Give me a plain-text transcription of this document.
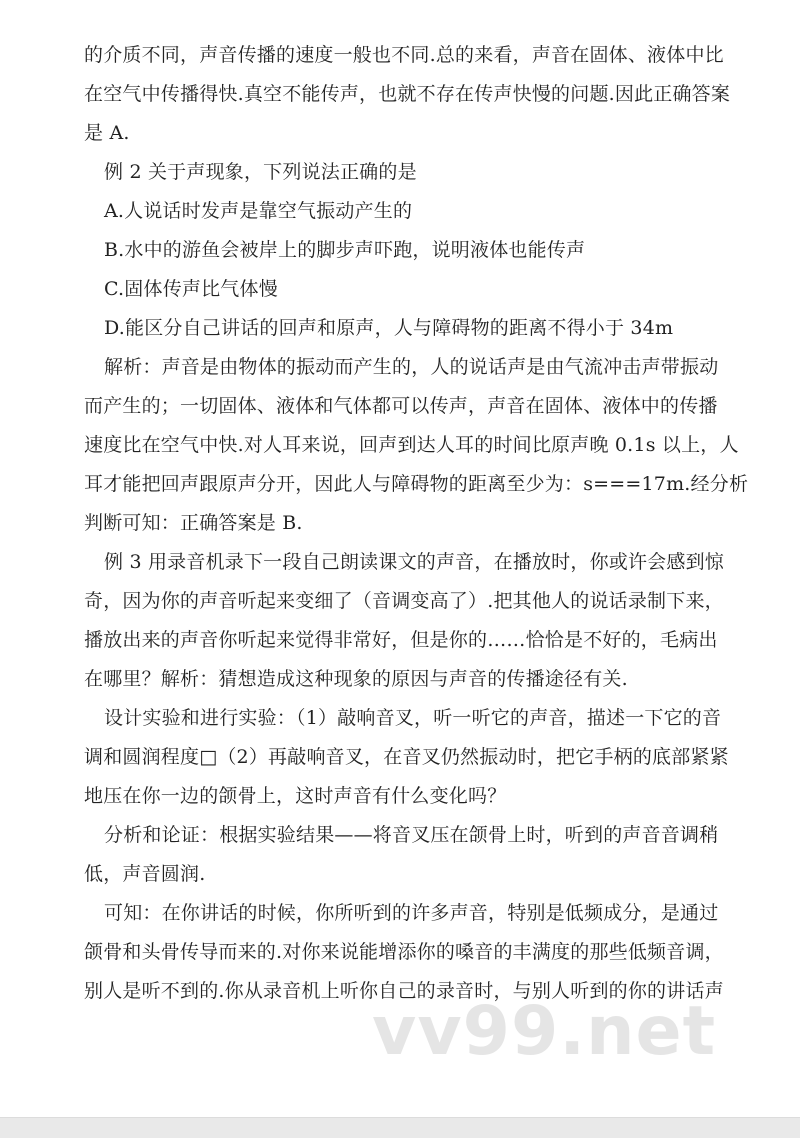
的介质不同，声音传播的速度一般也不同.总的来看，声音在固体、液体中比
在空气中传播得快.真空不能传声，也就不存在传声快慢的问题.因此正确答案
是 A.
例 2 关于声现象，下列说法正确的是
A.人说话时发声是靠空气振动产生的
B.水中的游鱼会被岸上的脚步声吓跑，说明液体也能传声
C.固体传声比气体慢
D.能区分自己讲话的回声和原声，人与障碍物的距离不得小于 34m
解析：声音是由物体的振动而产生的，人的说话声是由气流冲击声带振动
而产生的；一切固体、液体和气体都可以传声，声音在固体、液体中的传播
速度比在空气中快.对人耳来说，回声到达人耳的时间比原声晚 0.1s 以上，人
耳才能把回声跟原声分开，因此人与障碍物的距离至少为：s===17m.经分析
判断可知：正确答案是 B.
例 3 用录音机录下一段自己朗读课文的声音，在播放时，你或许会感到惊
奇，因为你的声音听起来变细了（音调变高了）.把其他人的说话录制下来，
播放出来的声音你听起来觉得非常好，但是你的……恰恰是不好的，毛病出
在哪里？解析：猜想造成这种现象的原因与声音的传播途径有关.
设计实验和进行实验：（1）敲响音叉，听一听它的声音，描述一下它的音
调和圆润程度□（2）再敲响音叉，在音叉仍然振动时，把它手柄的底部紧紧
地压在你一边的颌骨上，这时声音有什么变化吗？
分析和论证：根据实验结果——将音叉压在颌骨上时，听到的声音音调稍
低，声音圆润.
可知：在你讲话的时候，你所听到的许多声音，特别是低频成分，是通过
颌骨和头骨传导而来的.对你来说能增添你的嗓音的丰满度的那些低频音调，
别人是听不到的.你从录音机上听你自己的录音时，与别人听到的你的讲话声
vv99.net
